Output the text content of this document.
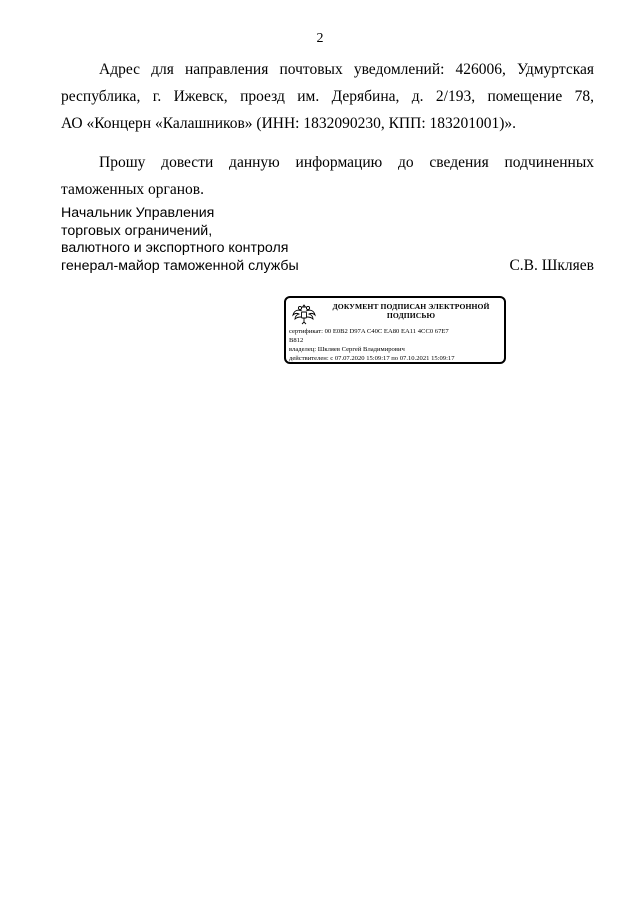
2

Адрес для направления почтовых уведомлений: 426006, Удмуртская
республика, г. Ижевск, проезд им. Дерябина, д. 2/193, помещение 78,
АО «Концерн «Калашников» (ИНН: 1832090230, КПП: 183201001)».

Прошу довести данную информацию до сведения подчиненных
таможенных органов.

Начальник Управления
торговых ограничений,
валютного и экспортного контроля
генерал-майор таможенной службы	С.В. Шкляев
ДОКУМЕНТ ПОДПИСАН ЭЛЕКТРОННОЙ ПОДПИСЬЮ
сертификат: 00 E0B2 D97A C40C EA80 EA11 4CC0 67E7
B812
владелец: Шкляев Сергей Владимирович
действителен: с 07.07.2020 15:09:17 по 07.10.2021 15:09:17
